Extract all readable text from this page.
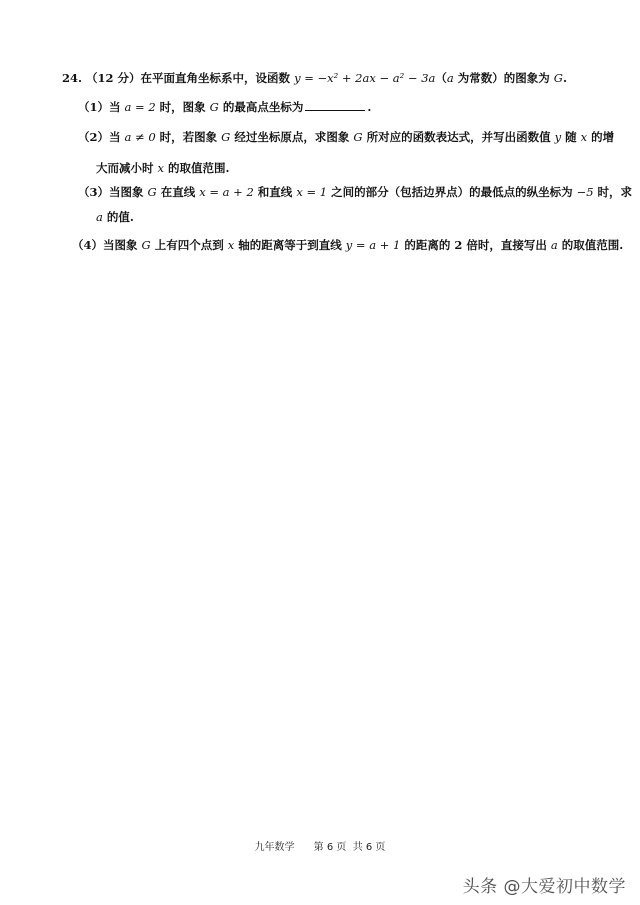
24. （12 分）在平面直角坐标系中，设函数 y = −x² + 2ax − a² − 3a（a 为常数）的图象为 G.
（1）当 a = 2 时，图象 G 的最高点坐标为	.
（2）当 a ≠ 0 时，若图象 G 经过坐标原点，求图象 G 所对应的函数表达式，并写出函数值 y 随 x 的增
大而减小时 x 的取值范围.
（3）当图象 G 在直线 x = a + 2 和直线 x = 1 之间的部分（包括边界点）的最低点的纵坐标为 −5 时，求
a 的值.
（4）当图象 G 上有四个点到 x 轴的距离等于到直线 y = a + 1 的距离的 2 倍时，直接写出 a 的取值范围.
九年数学 第 6 页  共 6 页
头条 @大爱初中数学
